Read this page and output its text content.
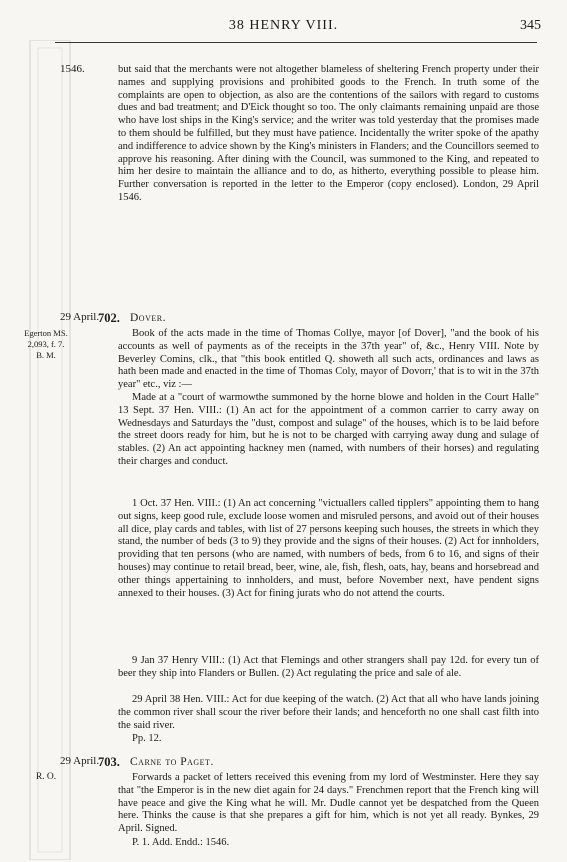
38 HENRY VIII.	345
1546.	but said that the merchants were not altogether blameless of sheltering French property under their names and supplying provisions and prohibited goods to the French. In truth some of the complaints are open to objection, as also are the contentions of the sailors with regard to customs dues and bad treatment; and D'Eick thought so too. The only claimants remaining unpaid are those who have lost ships in the King's service; and the writer was told yesterday that the promises made to them should be fulfilled, but they must have patience. Incidentally the writer spoke of the apathy and indifference to advice shown by the King's ministers in Flanders; and the Councillors seemed to approve his reasoning. After dining with the Council, was summoned to the King, and repeated to him her desire to maintain the alliance and to do, as hitherto, everything possible to please him. Further conversation is reported in the letter to the Emperor (copy enclosed). London, 29 April 1546.

29 April.
702. Dover.
Egerton MS.
2,093, f. 7.
B. M.

Book of the acts made in the time of Thomas Collye, mayor [of Dover], "and the book of his accounts as well of payments as of the receipts in the 37th year" of, &c., Henry VIII. Note by Beverley Comins, clk., that "this book entitled Q. showeth all such acts, ordinances and laws as hath been made and enacted in the time of Thomas Coly, mayor of Dovorr,' that is to wit in the 37th year" etc., viz :—

Made at a "court of warmowthe summoned by the horne blowe and holden in the Court Halle" 13 Sept. 37 Hen. VIII.: (1) An act for the appointment of a common carrier to carry away on Wednesdays and Saturdays the "dust, compost and sulage" of the houses, which is to be laid before the street doors ready for him, but he is not to be charged with carrying away dung and sulage of stables. (2) An act appointing hackney men (named, with numbers of their horses) and regulating their charges and conduct.

1 Oct. 37 Hen. VIII.: (1) An act concerning "victuallers called tipplers" appointing them to hang out signs, keep good rule, exclude loose women and misruled persons, and avoid out of their houses all dice, play cards and tables, with list of 27 persons keeping such houses, the streets in which they stand, the number of beds (3 to 9) they provide and the signs of their houses. (2) Act for innholders, providing that ten persons (who are named, with numbers of beds, from 6 to 16, and signs of their houses) may continue to retail bread, beer, wine, ale, fish, flesh, oats, hay, beans and horsebread and other things appertaining to innholders, and must, before November next, have pendent signs annexed to their houses. (3) Act for fining jurats who do not attend the courts.

9 Jan 37 Henry VIII.: (1) Act that Flemings and other strangers shall pay 12d. for every tun of beer they ship into Flanders or Bullen. (2) Act regulating the price and sale of ale.

29 April 38 Hen. VIII.: Act for due keeping of the watch. (2) Act that all who have lands joining the common river shall scour the river before their lands; and henceforth no one shall cast filth into the said river.

Pp. 12.

29 April.
703. Carne to Paget.
R. O.	Forwards a packet of letters received this evening from my lord of Westminster. Here they say that "the Emperor is in the new diet again for 24 days." Frenchmen report that the French king will have peace and give the King what he will. Mr. Dudle cannot yet be despatched from the Queen here. Thinks the cause is that she prepares a gift for him, which is not yet all ready. Bynkes, 29 April. Signed.

P. 1. Add. Endd.: 1546.
